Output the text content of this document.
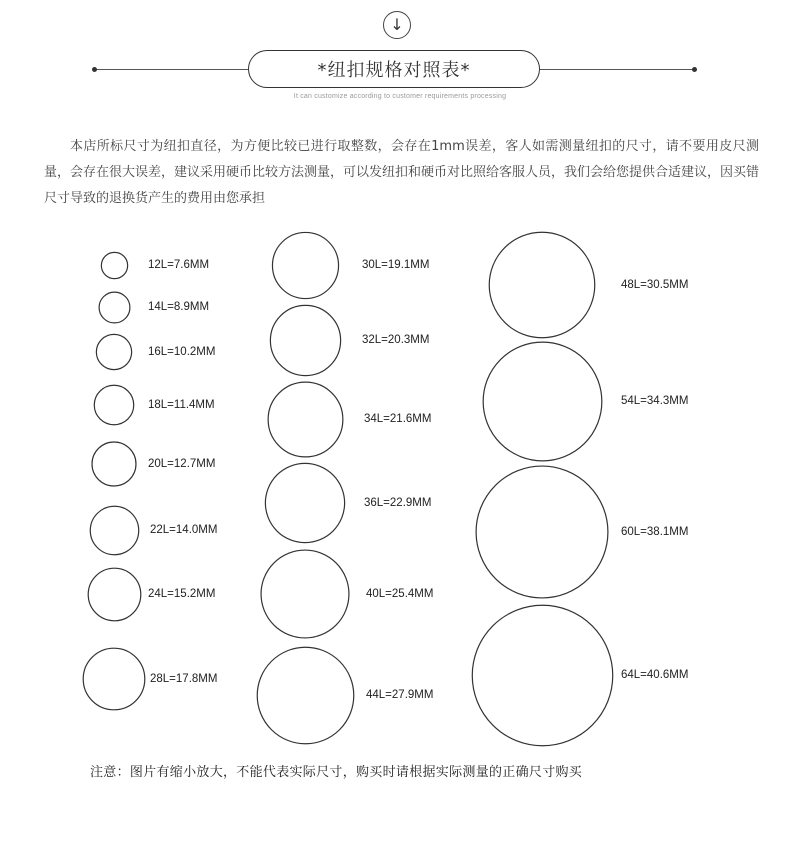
↓
*纽扣规格对照表*
It can customize according to customer requirements processing
本店所标尺寸为纽扣直径，为方便比较已进行取整数，会存在1mm误差，客人如需测量纽扣的尺寸，请不要用皮尺测量，会存在很大误差，建议采用硬币比较方法测量，可以发纽扣和硬币对比照给客服人员，我们会给您提供合适建议，因买错尺寸导致的退换货产生的费用由您承担
12L=7.6MM
14L=8.9MM
16L=10.2MM
18L=11.4MM
20L=12.7MM
22L=14.0MM
24L=15.2MM
28L=17.8MM
30L=19.1MM
32L=20.3MM
34L=21.6MM
36L=22.9MM
40L=25.4MM
44L=27.9MM
48L=30.5MM
54L=34.3MM
60L=38.1MM
64L=40.6MM
注意：图片有缩小放大，不能代表实际尺寸，购买时请根据实际测量的正确尺寸购买
